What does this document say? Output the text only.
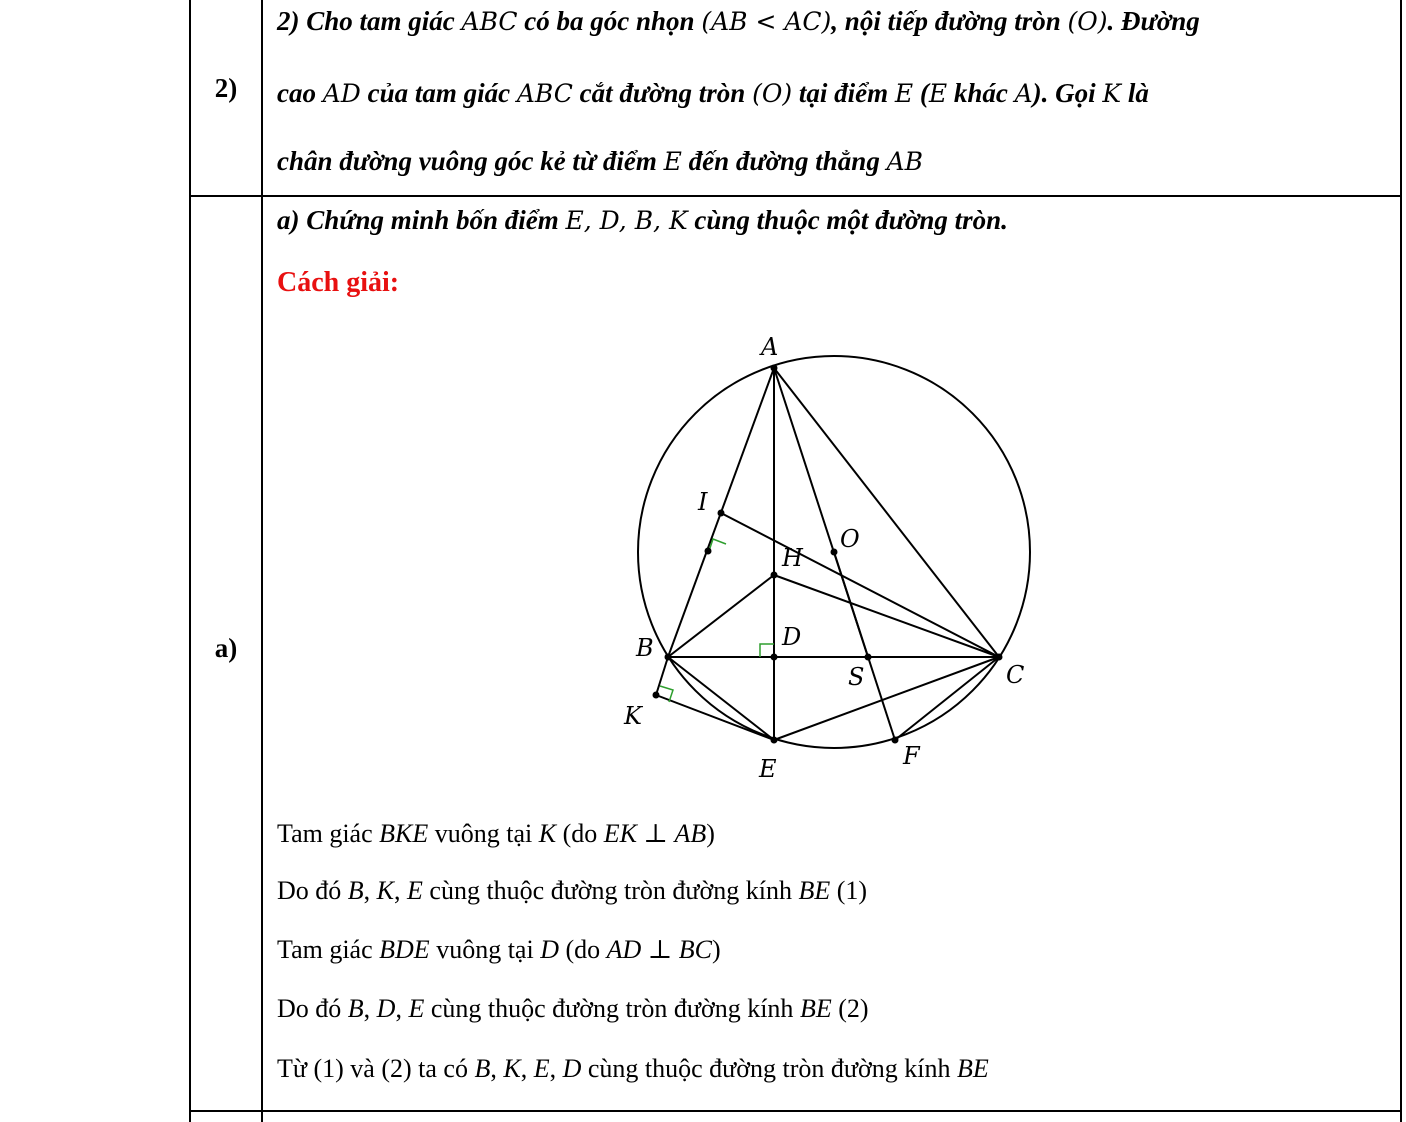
2)
a)
2) Cho tam giác ABC có ba góc nhọn (AB < AC), nội tiếp đường tròn (O). Đường
cao AD của tam giác ABC cắt đường tròn (O) tại điểm E (E khác A). Gọi K là
chân đường vuông góc kẻ từ điểm E đến đường thẳng AB
a) Chứng minh bốn điểm E, D, B, K cùng thuộc một đường tròn.
Cách giải:
A
I
O
H
D
B
S	C
K
E	F
Tam giác BKE vuông tại K (do EK ⊥ AB)
Do đó B, K, E cùng thuộc đường tròn đường kính BE (1)
Tam giác BDE vuông tại D (do AD ⊥ BC)
Do đó B, D, E cùng thuộc đường tròn đường kính BE (2)
Từ (1) và (2) ta có B, K, E, D cùng thuộc đường tròn đường kính BE
